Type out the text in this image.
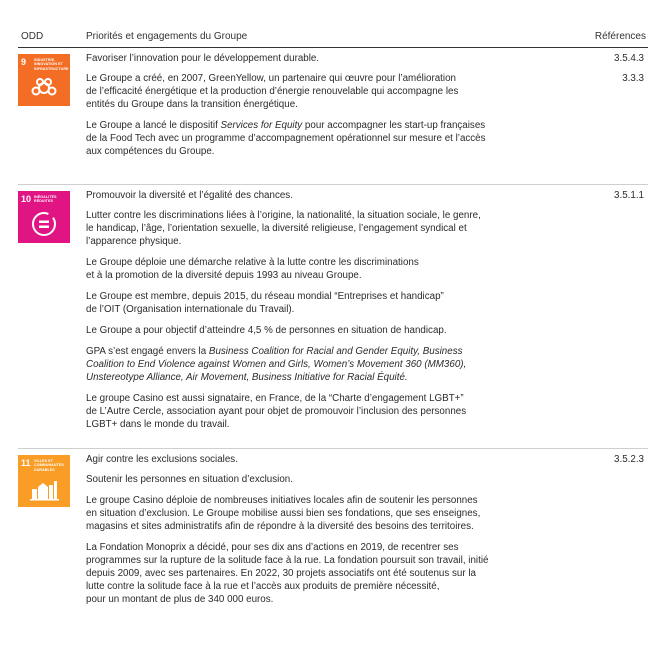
ODD	Priorités et engagements du Groupe	Références
9 INDUSTRIE, INNOVATION ET INFRASTRUCTURE

Favoriser l’innovation pour le développement durable.

Le Groupe a créé, en 2007, GreenYellow, un partenaire qui œuvre pour l’amélioration
de l’efficacité énergétique et la production d’énergie renouvelable qui accompagne les
entités du Groupe dans la transition énergétique.

Le Groupe a lancé le dispositif Services for Equity pour accompagner les start-up françaises
de la Food Tech avec un programme d’accompagnement opérationnel sur mesure et l’accès
aux compétences du Groupe.

3.5.4.3
3.3.3
10 INÉGALITÉS RÉDUITES

Promouvoir la diversité et l’égalité des chances.

Lutter contre les discriminations liées à l’origine, la nationalité, la situation sociale, le genre,
le handicap, l’âge, l’orientation sexuelle, la diversité religieuse, l’engagement syndical et
l’apparence physique.

Le Groupe déploie une démarche relative à la lutte contre les discriminations
et à la promotion de la diversité depuis 1993 au niveau Groupe.

Le Groupe est membre, depuis 2015, du réseau mondial “Entreprises et handicap”
de l’OIT (Organisation internationale du Travail).

Le Groupe a pour objectif d’atteindre 4,5 % de personnes en situation de handicap.

GPA s’est engagé envers la Business Coalition for Racial and Gender Equity, Business
Coalition to End Violence against Women and Girls, Women’s Movement 360 (MM360),
Unstereotype Alliance, Air Movement, Business Initiative for Racial Équité.

Le groupe Casino est aussi signataire, en France, de la “Charte d’engagement LGBT+”
de L’Autre Cercle, association ayant pour objet de promouvoir l’inclusion des personnes
LGBT+ dans le monde du travail.

3.5.1.1
11 VILLES ET COMMUNAUTÉS DURABLES

Agir contre les exclusions sociales.

Soutenir les personnes en situation d’exclusion.

Le groupe Casino déploie de nombreuses initiatives locales afin de soutenir les personnes
en situation d’exclusion. Le Groupe mobilise aussi bien ses fondations, que ses enseignes,
magasins et sites administratifs afin de répondre à la diversité des besoins des territoires.

La Fondation Monoprix a décidé, pour ses dix ans d’actions en 2019, de recentrer ses
programmes sur la rupture de la solitude face à la rue. La fondation poursuit son travail, initié
depuis 2009, avec ses partenaires. En 2022, 30 projets associatifs ont été soutenus sur la
lutte contre la solitude face à la rue et l’accès aux produits de première nécessité,
pour un montant de plus de 340 000 euros.

3.5.2.3
